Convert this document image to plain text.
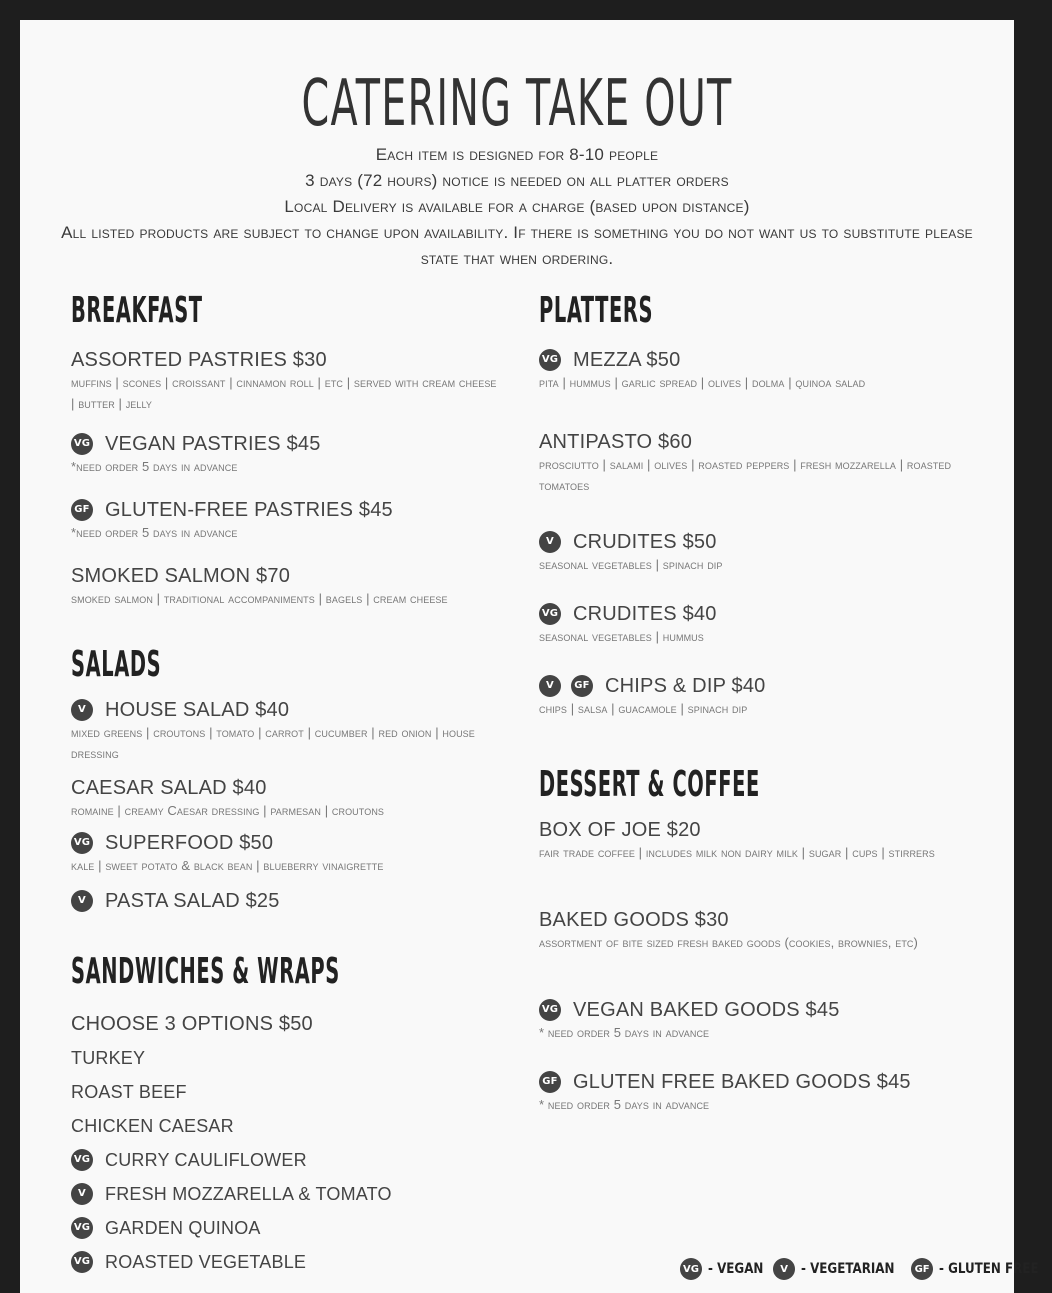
CATERING TAKE OUT
Each item is designed for 8-10 people
3 days (72 hours) notice is needed on all platter orders
Local Delivery is available for a charge (based upon distance)
All listed products are subject to change upon availability. If there is something you do not want us to substitute please state that when ordering.
BREAKFAST
ASSORTED PASTRIES $30
muffins | scones | croissant | cinnamon roll | etc | served with cream cheese | butter | jelly
VG VEGAN PASTRIES $45
*need order 5 days in advance
GF GLUTEN-FREE PASTRIES $45
*need order 5 days in advance
SMOKED SALMON $70
smoked salmon | traditional accompaniments | bagels | cream cheese
SALADS
V HOUSE SALAD $40
mixed greens | croutons | tomato | carrot | cucumber | red onion | house dressing
CAESAR SALAD $40
romaine | creamy Caesar dressing | parmesan | croutons
VG SUPERFOOD $50
kale | sweet potato & black bean | blueberry vinaigrette
V PASTA SALAD $25
SANDWICHES & WRAPS
CHOOSE 3 OPTIONS $50
TURKEY
ROAST BEEF
CHICKEN CAESAR
VG CURRY CAULIFLOWER
V	FRESH MOZZARELLA & TOMATO
VG GARDEN QUINOA
VG ROASTED VEGETABLE
PLATTERS
VG MEZZA $50
pita | hummus | garlic spread | olives | dolma | quinoa salad
ANTIPASTO $60
prosciutto | salami | olives | roasted peppers | fresh mozzarella | roasted tomatoes
V CRUDITES $50
seasonal vegetables | spinach dip
VG CRUDITES $40
seasonal vegetables | hummus
V	GF CHIPS & DIP $40
chips | salsa | guacamole | spinach dip
DESSERT & COFFEE
BOX OF JOE $20
fair trade coffee | includes milk non dairy milk | sugar | cups | stirrers
BAKED GOODS $30
assortment of bite sized fresh baked goods (cookies, brownies, etc)
VG VEGAN BAKED GOODS $45
* need order 5 days in advance
GF GLUTEN FREE BAKED GOODS $45
* need order 5 days in advance
VG - VEGAN	V - VEGETARIAN	GF - GLUTEN FREE
